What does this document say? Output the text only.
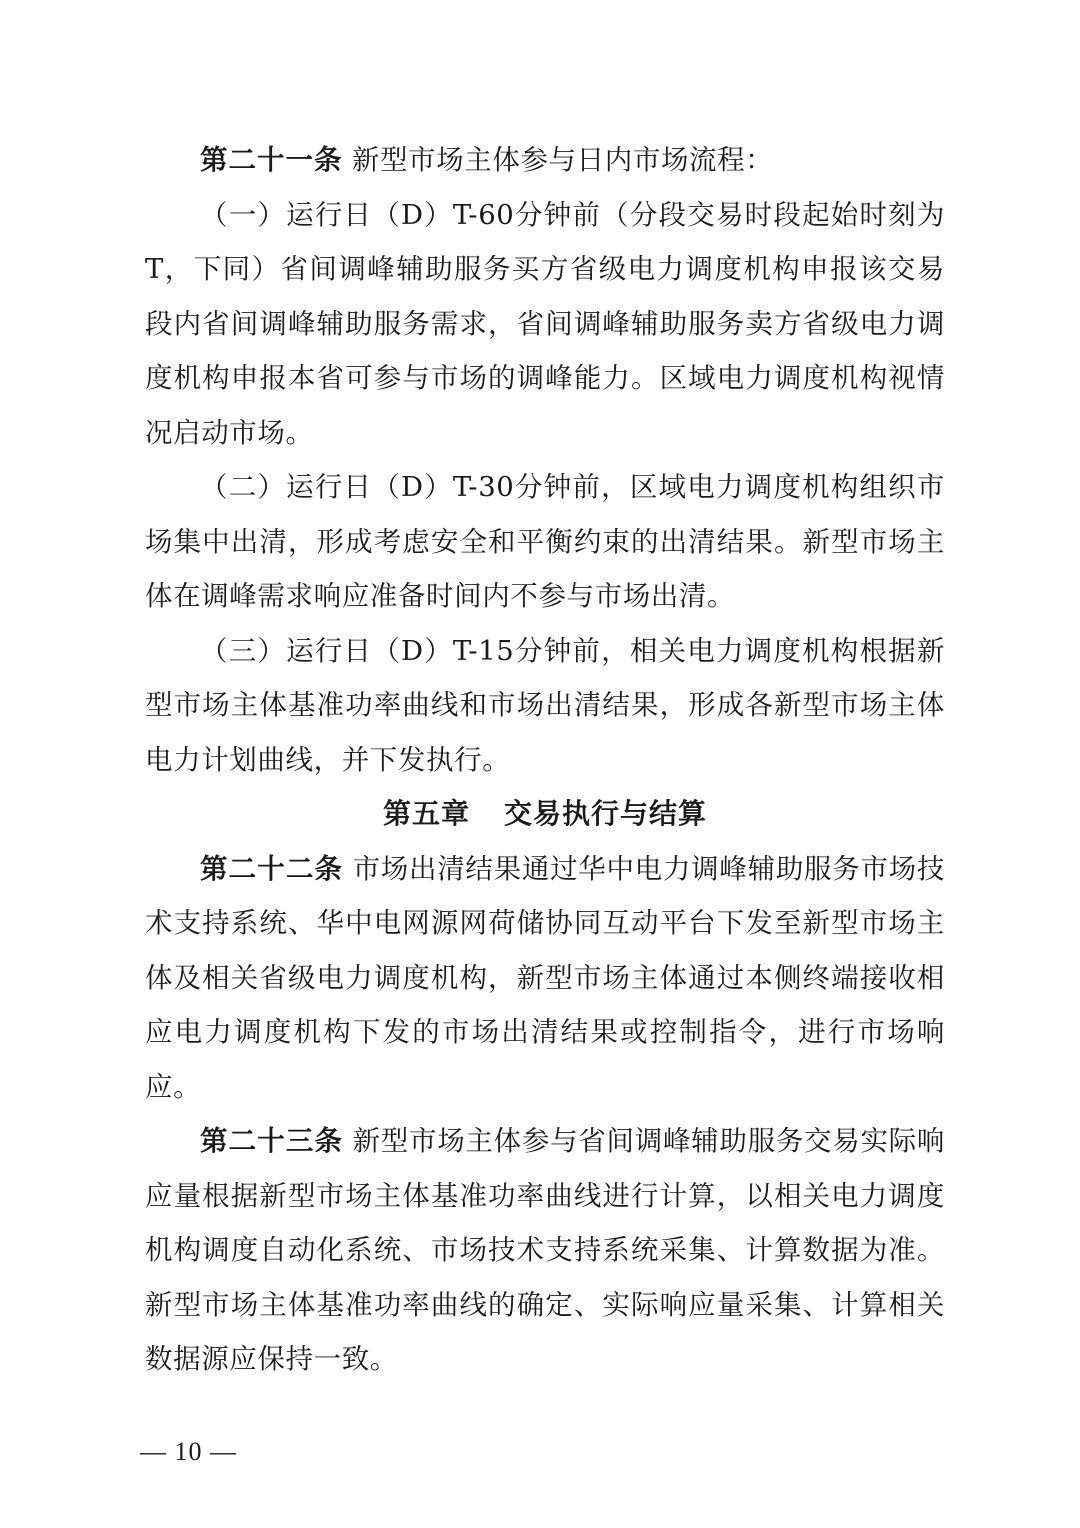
第二十一条 新型市场主体参与日内市场流程：

（一）运行日（D）T-60分钟前（分段交易时段起始时刻为T，下同）省间调峰辅助服务买方省级电力调度机构申报该交易段内省间调峰辅助服务需求，省间调峰辅助服务卖方省级电力调度机构申报本省可参与市场的调峰能力。区域电力调度机构视情况启动市场。

（二）运行日（D）T-30分钟前，区域电力调度机构组织市场集中出清，形成考虑安全和平衡约束的出清结果。新型市场主体在调峰需求响应准备时间内不参与市场出清。

（三）运行日（D）T-15分钟前，相关电力调度机构根据新型市场主体基准功率曲线和市场出清结果，形成各新型市场主体电力计划曲线，并下发执行。

第五章 交易执行与结算

第二十二条 市场出清结果通过华中电力调峰辅助服务市场技术支持系统、华中电网源网荷储协同互动平台下发至新型市场主体及相关省级电力调度机构，新型市场主体通过本侧终端接收相应电力调度机构下发的市场出清结果或控制指令，进行市场响应。

第二十三条 新型市场主体参与省间调峰辅助服务交易实际响应量根据新型市场主体基准功率曲线进行计算，以相关电力调度机构调度自动化系统、市场技术支持系统采集、计算数据为准。新型市场主体基准功率曲线的确定、实际响应量采集、计算相关数据源应保持一致。

— 10 —
